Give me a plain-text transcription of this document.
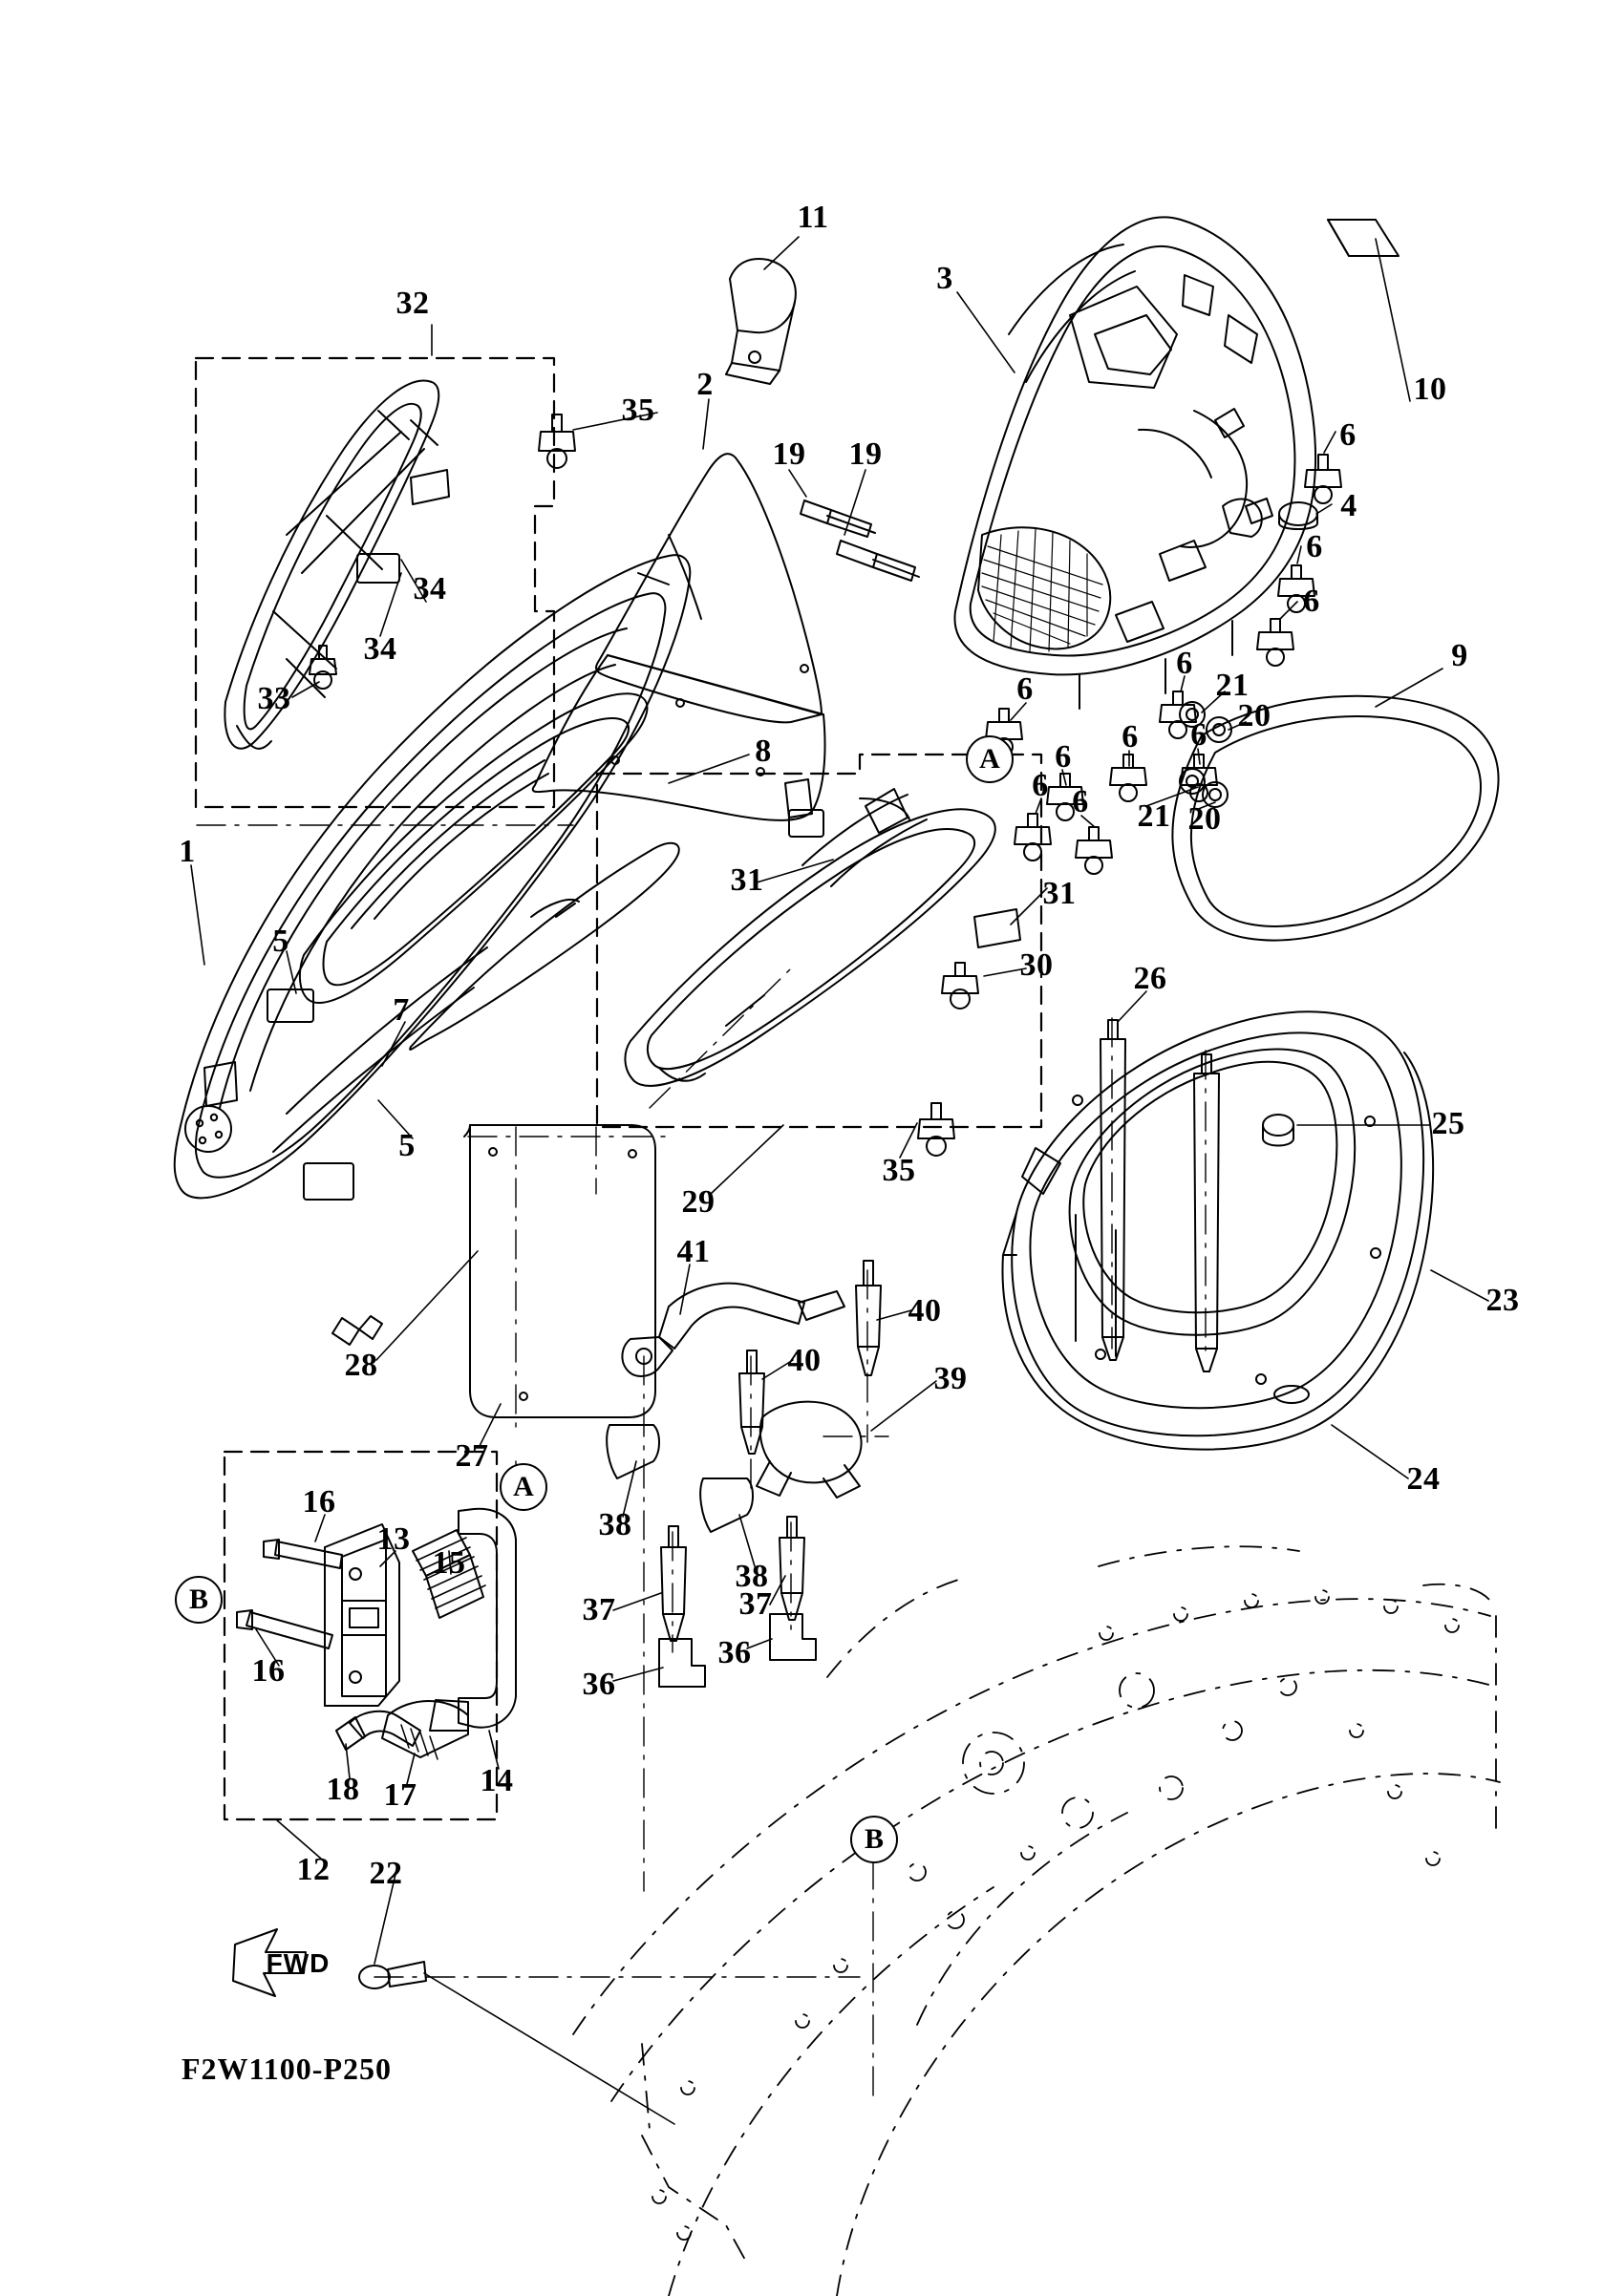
32
11
3
10
35
2
6
4
19 19
6
34
34
6
9
33
6
21
6
20
8	6
6 6
6 6 21 20
1
31	31
5
30
7
26
5
25
29
35
23
41
40
28	40
39
27
24
38
16
13
15	38
37	37
16	36
36
14
18 17
12 22
A
A
B
B
FWD
F2W1100-P250
